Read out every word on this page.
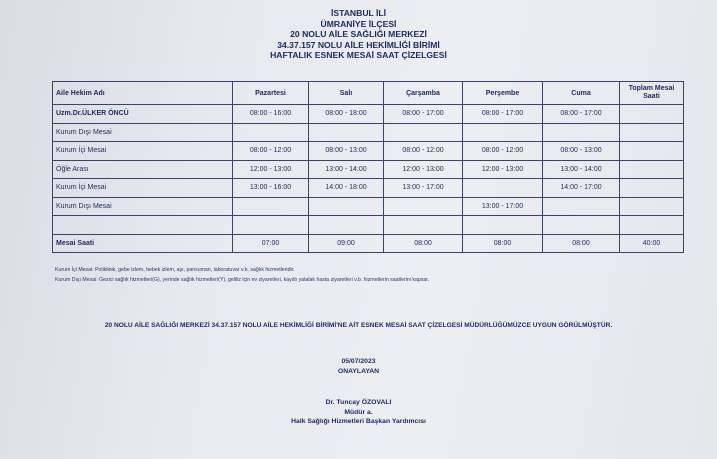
İSTANBUL İLİ
ÜMRANİYE İLÇESİ
20 NOLU AİLE SAĞLIĞI MERKEZİ
34.37.157 NOLU AİLE HEKİMLİĞİ BİRİMİ
HAFTALIK ESNEK MESAİ SAAT ÇİZELGESİ
Aile Hekim Adı	Pazartesi	Salı	Çarşamba	Perşembe	Cuma	Toplam Mesai Saati
Uzm.Dr.ÜLKER ÖNCÜ	08:00 - 16:00	08:00 - 18:00	08:00 - 17:00	08:00 - 17:00	08:00 - 17:00	
Kurum Dışı Mesai						
Kurum İçi Mesai	08:00 - 12:00	08:00 - 13:00	08:00 - 12:00	08:00 - 12:00	08:00 - 13:00	
Öğle Arası	12:00 - 13:00	13:00 - 14:00	12:00 - 13:00	12:00 - 13:00	13:00 - 14:00	
Kurum İçi Mesai	13:00 - 16:00	14:00 - 18:00	13:00 - 17:00		14:00 - 17:00	
Kurum Dışı Mesai				13:00 - 17:00		

Mesai Saati	07:00	09:00	08:00	08:00	08:00	40:00
Kurum İçi Mesai: Poliklinik, gebe izlem, bebek izlem, aşı, pansuman, laboratuvar v.b. sağlık hizmetleridir.
Kurum Dışı Mesai: Gezici sağlık hizmetleri(G), yerinde sağlık hizmetleri(Y), geliliz için ev ziyaretleri, kayıtlı yatalak hasta ziyaretleri v.b. hizmetlerin saatlerini kapsar.
20 NOLU AİLE SAĞLIĞI MERKEZİ 34.37.157 NOLU AİLE HEKİMLİĞİ BİRİMİ'NE AİT ESNEK MESAİ SAAT ÇİZELGESİ MÜDÜRLÜĞÜMÜZCE UYGUN GÖRÜLMÜŞTÜR.
05/07/2023
ONAYLAYAN
Dr. Tuncay ÖZOVALI
Müdür a.
Halk Sağlığı Hizmetleri Başkan Yardımcısı
